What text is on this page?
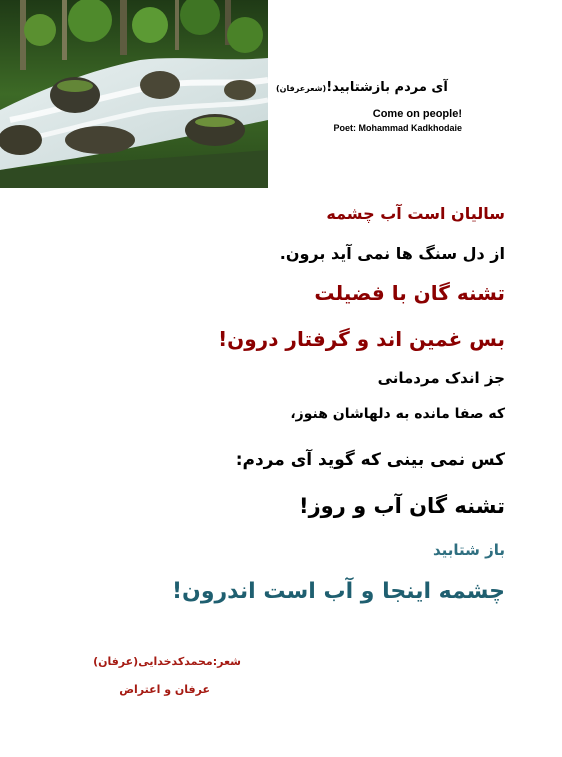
آی مردم بازشتابید!(شعرعرفان)
Come on people!
Poet: Mohammad Kadkhodaie

سالیان است آب چشمه

از دل سنگ ها نمی آید برون.

تشنه گان با فضیلت

بس غمین اند و گرفتار درون!

جز اندک مردمانی

که صفا مانده به دلهاشان هنوز،

کس نمی بینی که گوید آی مردم:

تشنه گان آب و روز!

باز شتابید

چشمه اینجا و آب است اندرون!

شعر:محمدکدخدایی(عرفان)

عرفان و اعتراض
